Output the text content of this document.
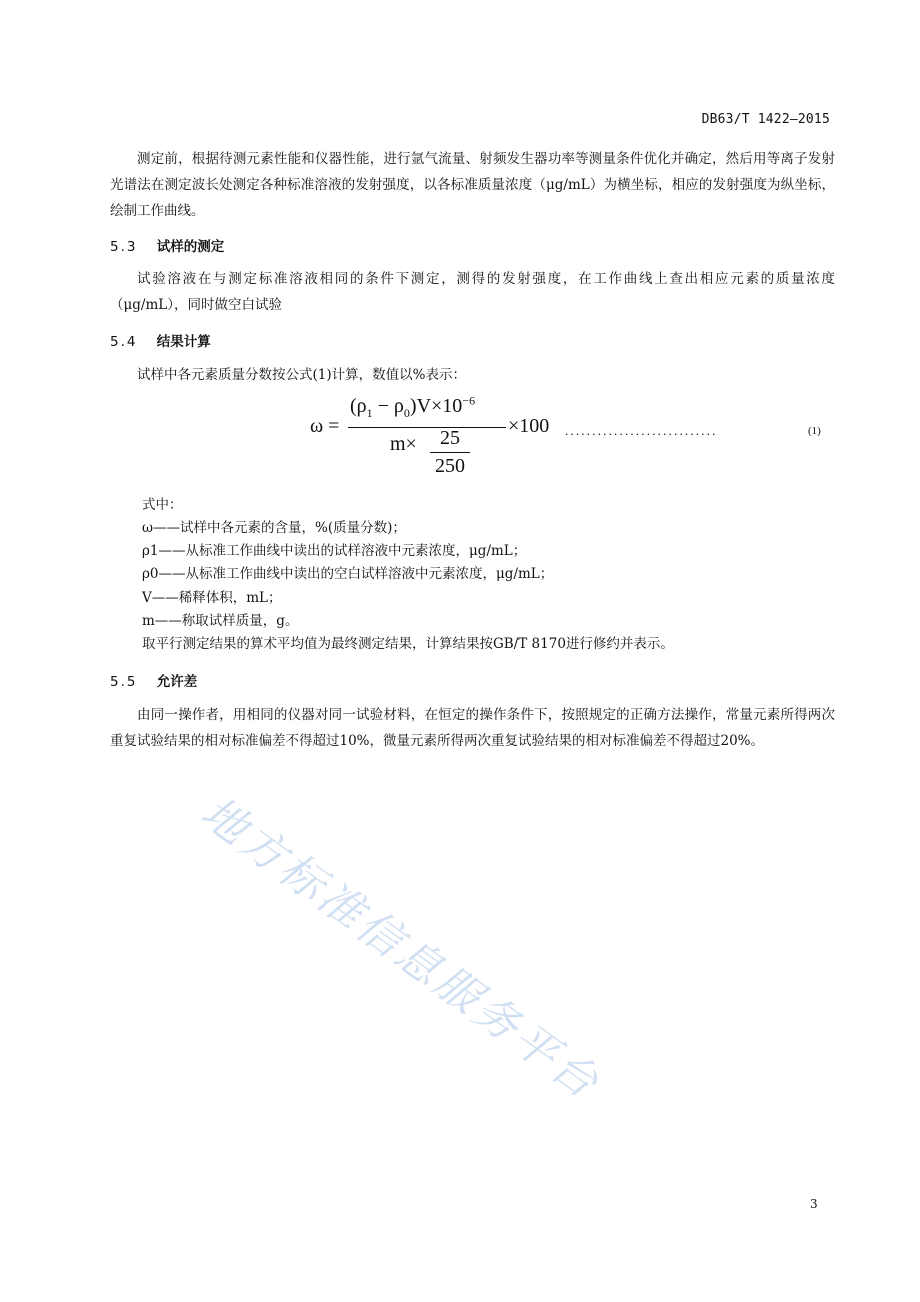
DB63/T 1422—2015

测定前，根据待测元素性能和仪器性能，进行氩气流量、射频发生器功率等测量条件优化并确定，然后用等离子发射光谱法在测定波长处测定各种标准溶液的发射强度，以各标准质量浓度（μg/mL）为横坐标，相应的发射强度为纵坐标，绘制工作曲线。

5.3 试样的测定

试验溶液在与测定标准溶液相同的条件下测定，测得的发射强度，在工作曲线上查出相应元素的质量浓度（μg/mL），同时做空白试验

5.4 结果计算

试样中各元素质量分数按公式(1)计算，数值以%表示：

ω =
$(\rho_1 - \rho_0)V\times 10^{-6}$
m×	25
250
×100 ............................	(1)

式中：

ω——试样中各元素的含量，%(质量分数)；

ρ1——从标准工作曲线中读出的试样溶液中元素浓度，μg/mL；

ρ0——从标准工作曲线中读出的空白试样溶液中元素浓度，μg/mL；

V——稀释体积，mL；

m——称取试样质量，g。

取平行测定结果的算术平均值为最终测定结果，计算结果按GB/T 8170进行修约并表示。

5.5 允许差

由同一操作者，用相同的仪器对同一试验材料，在恒定的操作条件下，按照规定的正确方法操作，常量元素所得两次重复试验结果的相对标准偏差不得超过10%，微量元素所得两次重复试验结果的相对标准偏差不得超过20%。

地方标准信息服务平台
3
